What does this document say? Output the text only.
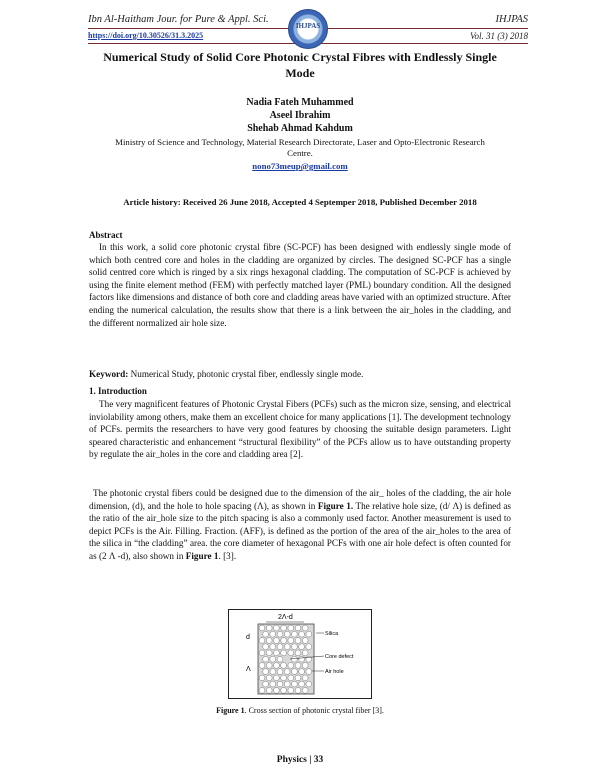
Ibn Al-Haitham Jour. for Pure & Appl. Sci.	IHJPAS
IHJPAS
https://doi.org/10.30526/31.3.2025	Vol. 31 (3) 2018
Numerical Study of Solid Core Photonic Crystal Fibres with Endlessly Single Mode
Nadia Fateh Muhammed
Aseel Ibrahim
Shehab Ahmad Kahdum
Ministry of Science and Technology, Material Research Directorate, Laser and Opto-Electronic Research Centre.
nono73meup@gmail.com
Article history: Received 26 June 2018, Accepted 4 Septemper 2018, Published December 2018
Abstract
In this work, a solid core photonic crystal fibre (SC-PCF) has been designed with endlessly single mode of which both centred core and holes in the cladding are organized by circles. The designed SC-PCF has a single solid centred core which is ringed by a six rings hexagonal cladding. The computation of SC-PCF is achieved by using the finite element method (FEM) with perfectly matched layer (PML) boundary condition. All the designed factors like dimensions and distance of both core and cladding areas have varied with an optimized structure. After ending the numerical calculation, the results show that there is a link between the air_holes in the cladding, and the different normalized air hole size.
Keyword: Numerical Study, photonic crystal fiber, endlessly single mode.
1. Introduction
The very magnificent features of Photonic Crystal Fibers (PCFs) such as the micron size, sensing, and electrical inviolability among others, make them an excellent choice for many applications [1]. The development technology of PCFs. permits the researchers to have very good features by choosing the suitable design parameters. Light speared characteristic and enhancement “structural flexibility” of the PCFs allow us to have outstanding property by regulate the air_holes in the core and cladding area [2].
The photonic crystal fibers could be designed due to the dimension of the air_ holes of the cladding, the air hole dimension, (d), and the hole to hole spacing (Λ), as shown in Figure 1. The relative hole size, (d/ Λ) is defined as the ratio of the air_hole size to the pitch spacing is also a commonly used factor. Another measurement is used to depict PCFs is the Air. Filling. Fraction. (AFF), is defined as the portion of the area of the air_holes to the area of the silica in “the cladding” area. the core diameter of hexagonal PCFs with one air hole defect is often counted for as (2 Λ -d), also shown in Figure 1. [3].
2Λ-d
d
Λ
Silica
Core defect
Air hole
Figure 1. Cross section of photonic crystal fiber [3].
Physics | 33
